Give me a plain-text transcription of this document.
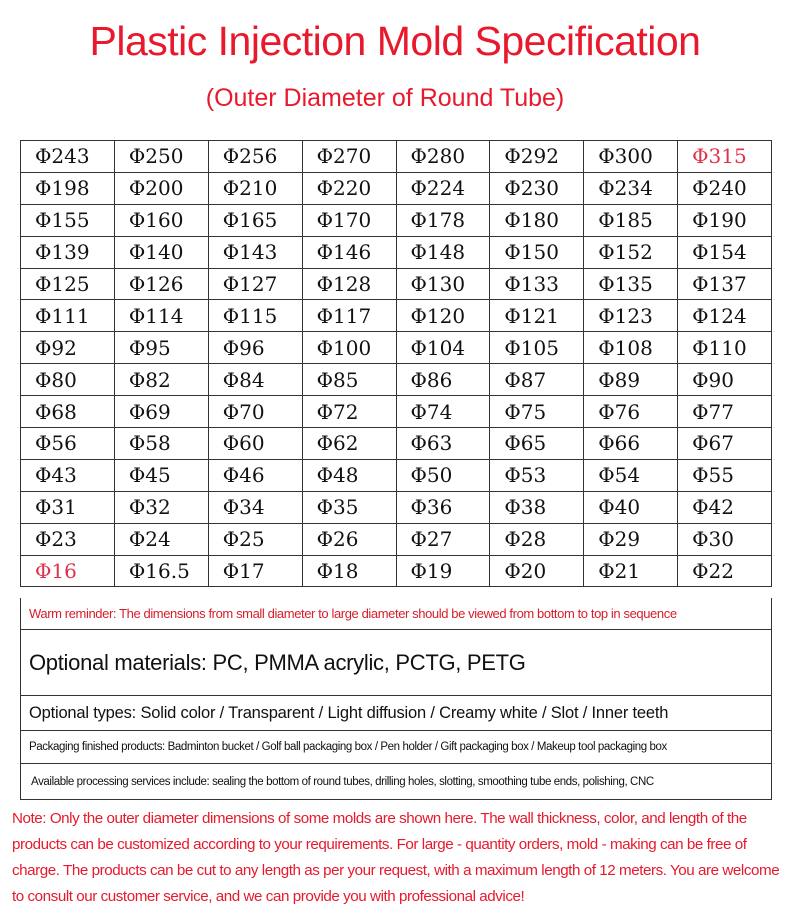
Plastic Injection Mold Specification
(Outer Diameter of Round Tube)
Φ243	Φ250	Φ256	Φ270	Φ280	Φ292	Φ300	Φ315
Φ198	Φ200	Φ210	Φ220	Φ224	Φ230	Φ234	Φ240
Φ155	Φ160	Φ165	Φ170	Φ178	Φ180	Φ185	Φ190
Φ139	Φ140	Φ143	Φ146	Φ148	Φ150	Φ152	Φ154
Φ125	Φ126	Φ127	Φ128	Φ130	Φ133	Φ135	Φ137
Φ111	Φ114	Φ115	Φ117	Φ120	Φ121	Φ123	Φ124
Φ92	Φ95	Φ96	Φ100	Φ104	Φ105	Φ108	Φ110
Φ80	Φ82	Φ84	Φ85	Φ86	Φ87	Φ89	Φ90
Φ68	Φ69	Φ70	Φ72	Φ74	Φ75	Φ76	Φ77
Φ56	Φ58	Φ60	Φ62	Φ63	Φ65	Φ66	Φ67
Φ43	Φ45	Φ46	Φ48	Φ50	Φ53	Φ54	Φ55
Φ31	Φ32	Φ34	Φ35	Φ36	Φ38	Φ40	Φ42
Φ23	Φ24	Φ25	Φ26	Φ27	Φ28	Φ29	Φ30
Φ16	Φ16.5	Φ17	Φ18	Φ19	Φ20	Φ21	Φ22
Warm reminder: The dimensions from small diameter to large diameter should be viewed from bottom to top in sequence
Optional materials: PC, PMMA acrylic, PCTG, PETG
Optional types: Solid color / Transparent / Light diffusion / Creamy white / Slot / Inner teeth
Packaging finished products: Badminton bucket / Golf ball packaging box / Pen holder / Gift packaging box / Makeup tool packaging box
Available processing services include: sealing the bottom of round tubes, drilling holes, slotting, smoothing tube ends, polishing, CNC
Note: Only the outer diameter dimensions of some molds are shown here. The wall thickness, color, and length of the products can be customized according to your requirements. For large - quantity orders, mold - making can be free of charge. The products can be cut to any length as per your request, with a maximum length of 12 meters. You are welcome to consult our customer service, and we can provide you with professional advice!
